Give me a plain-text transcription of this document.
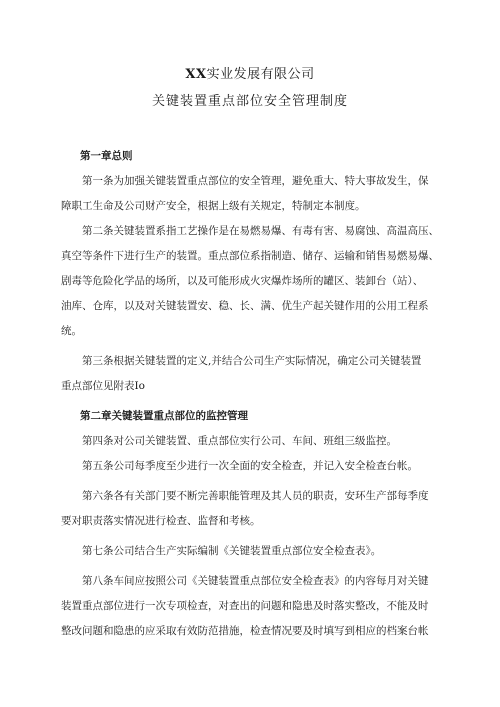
XX实业发展有限公司
关键装置重点部位安全管理制度
第一章总则
第一条为加强关键装置重点部位的安全管理，避免重大、特大事故发生，保
障职工生命及公司财产安全，根据上级有关规定，特制定本制度。
第二条关键装置系指工艺操作是在易燃易爆、有毒有害、易腐蚀、高温高压、
真空等条件下进行生产的装置。重点部位系指制造、储存、运输和销售易燃易爆、
剧毒等危险化学品的场所，以及可能形成火灾爆炸场所的罐区、装卸台（站）、
油库、仓库，以及对关键装置安、稳、长、满、优生产起关键作用的公用工程系
统。
第三条根据关键装置的定义,并结合公司生产实际情况，确定公司关键装置
重点部位见附表Io
第二章关键装置重点部位的监控管理
第四条对公司关键装置、重点部位实行公司、车间、班组三级监控。
第五条公司每季度至少进行一次全面的安全检查，并记入安全检查台帐。
第六条各有关部门要不断完善职能管理及其人员的职责，安环生产部每季度
要对职责落实情况进行检查、监督和考核。
第七条公司结合生产实际编制《关键装置重点部位安全检查表》。
第八条车间应按照公司《关键装置重点部位安全检查表》的内容每月对关键
装置重点部位进行一次专项检查，对查出的问题和隐患及时落实整改，不能及时
整改问题和隐患的应采取有效防范措施，检查情况要及时填写到相应的档案台帐
